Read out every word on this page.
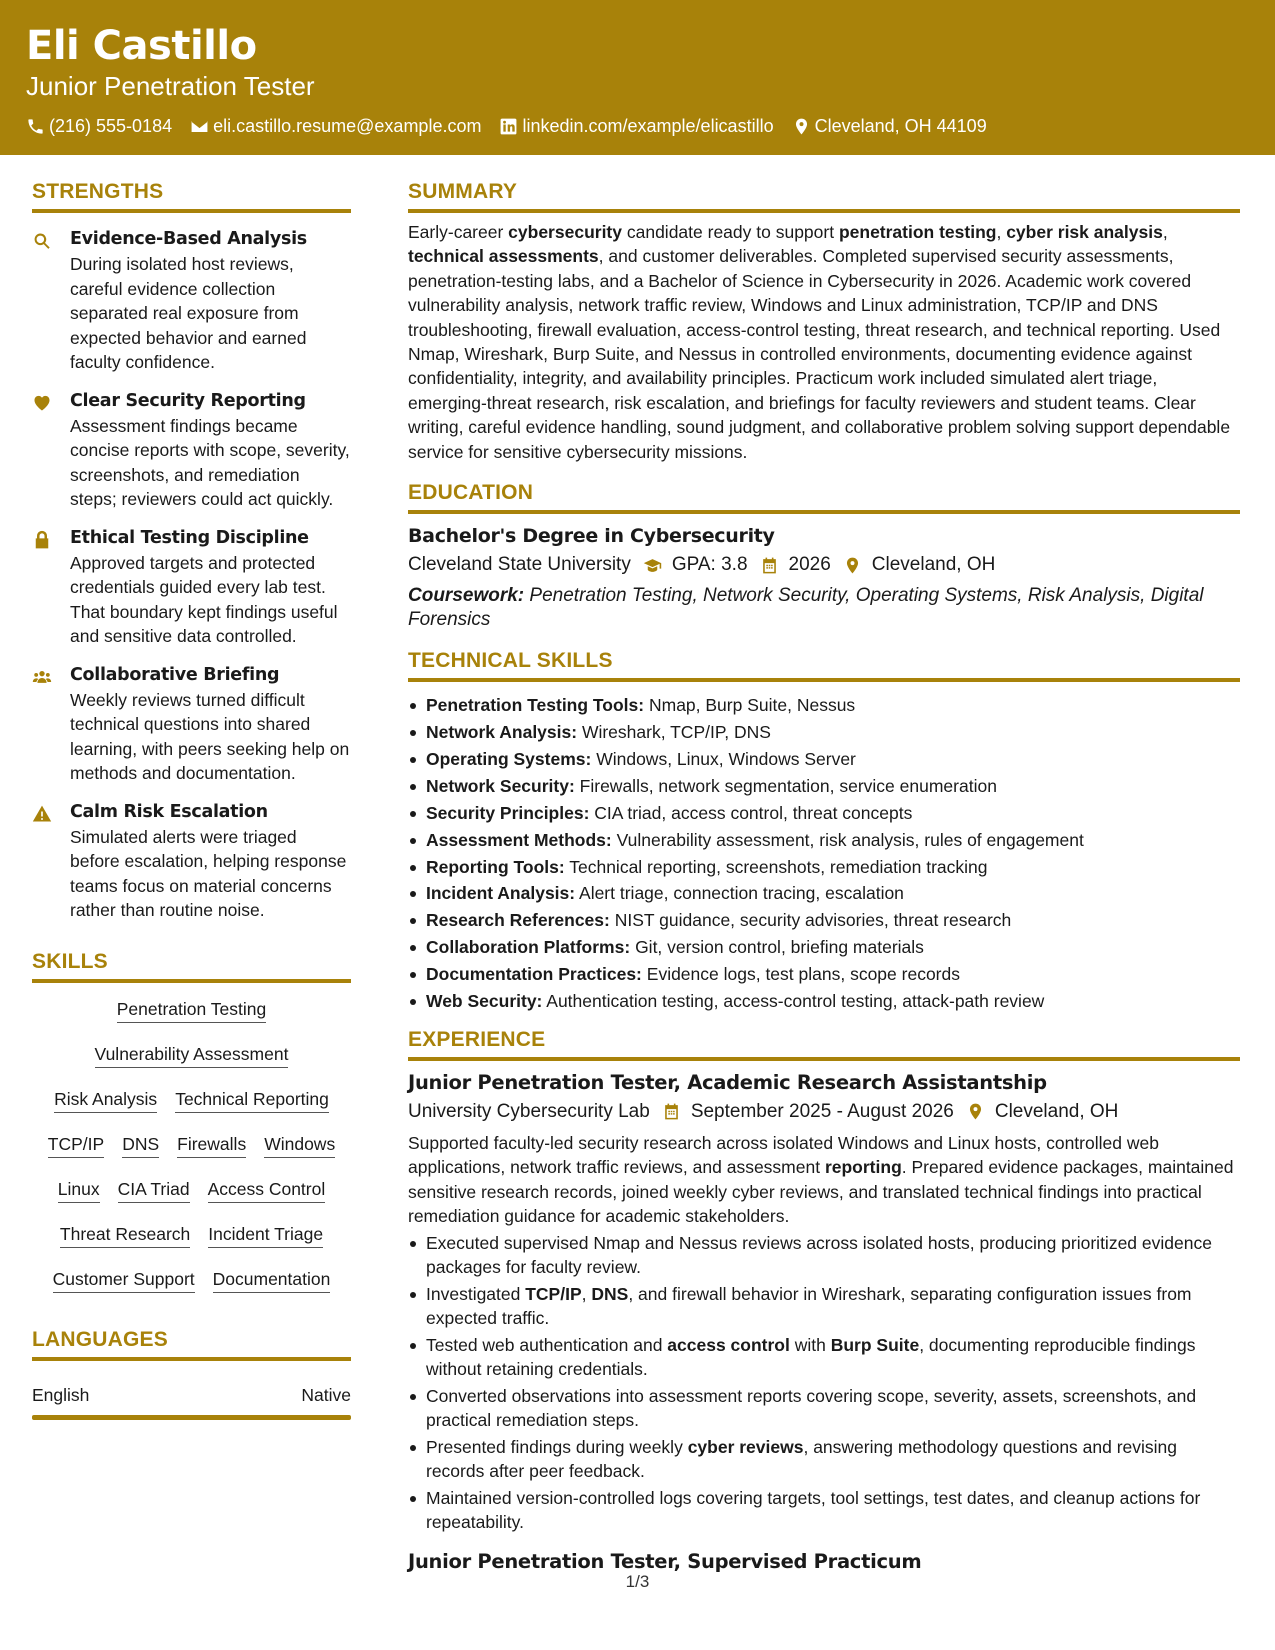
Eli Castillo
Junior Penetration Tester
(216) 555-0184 eli.castillo.resume@example.com linkedin.com/example/elicastillo Cleveland, OH 44109
STRENGTHS
Evidence-Based Analysis
During isolated host reviews, careful evidence collection separated real exposure from expected behavior and earned faculty confidence.
Clear Security Reporting
Assessment findings became concise reports with scope, severity, screenshots, and remediation steps; reviewers could act quickly.
Ethical Testing Discipline
Approved targets and protected credentials guided every lab test. That boundary kept findings useful and sensitive data controlled.
Collaborative Briefing
Weekly reviews turned difficult technical questions into shared learning, with peers seeking help on methods and documentation.
Calm Risk Escalation
Simulated alerts were triaged before escalation, helping response teams focus on material concerns rather than routine noise.
SKILLS
Penetration Testing
Vulnerability Assessment
Risk Analysis Technical Reporting
TCP/IP DNS Firewalls Windows
Linux CIA Triad Access Control
Threat Research Incident Triage
Customer Support Documentation
LANGUAGES
English	Native
SUMMARY
Early-career cybersecurity candidate ready to support penetration testing, cyber risk analysis, technical assessments, and customer deliverables. Completed supervised security assessments, penetration-testing labs, and a Bachelor of Science in Cybersecurity in 2026. Academic work covered vulnerability analysis, network traffic review, Windows and Linux administration, TCP/IP and DNS troubleshooting, firewall evaluation, access-control testing, threat research, and technical reporting. Used Nmap, Wireshark, Burp Suite, and Nessus in controlled environments, documenting evidence against confidentiality, integrity, and availability principles. Practicum work included simulated alert triage, emerging-threat research, risk escalation, and briefings for faculty reviewers and student teams. Clear writing, careful evidence handling, sound judgment, and collaborative problem solving support dependable service for sensitive cybersecurity missions.
EDUCATION
Bachelor's Degree in Cybersecurity
Cleveland State University GPA: 3.8 2026 Cleveland, OH
Coursework: Penetration Testing, Network Security, Operating Systems, Risk Analysis, Digital Forensics
TECHNICAL SKILLS
Penetration Testing Tools: Nmap, Burp Suite, Nessus
Network Analysis: Wireshark, TCP/IP, DNS
Operating Systems: Windows, Linux, Windows Server
Network Security: Firewalls, network segmentation, service enumeration
Security Principles: CIA triad, access control, threat concepts
Assessment Methods: Vulnerability assessment, risk analysis, rules of engagement
Reporting Tools: Technical reporting, screenshots, remediation tracking
Incident Analysis: Alert triage, connection tracing, escalation
Research References: NIST guidance, security advisories, threat research
Collaboration Platforms: Git, version control, briefing materials
Documentation Practices: Evidence logs, test plans, scope records
Web Security: Authentication testing, access-control testing, attack-path review
EXPERIENCE
Junior Penetration Tester, Academic Research Assistantship
University Cybersecurity Lab September 2025 - August 2026 Cleveland, OH
Supported faculty-led security research across isolated Windows and Linux hosts, controlled web applications, network traffic reviews, and assessment reporting. Prepared evidence packages, maintained sensitive research records, joined weekly cyber reviews, and translated technical findings into practical remediation guidance for academic stakeholders.
Executed supervised Nmap and Nessus reviews across isolated hosts, producing prioritized evidence packages for faculty review.
Investigated TCP/IP, DNS, and firewall behavior in Wireshark, separating configuration issues from expected traffic.
Tested web authentication and access control with Burp Suite, documenting reproducible findings without retaining credentials.
Converted observations into assessment reports covering scope, severity, assets, screenshots, and practical remediation steps.
Presented findings during weekly cyber reviews, answering methodology questions and revising records after peer feedback.
Maintained version-controlled logs covering targets, tool settings, test dates, and cleanup actions for repeatability.
Junior Penetration Tester, Supervised Practicum
1/3
